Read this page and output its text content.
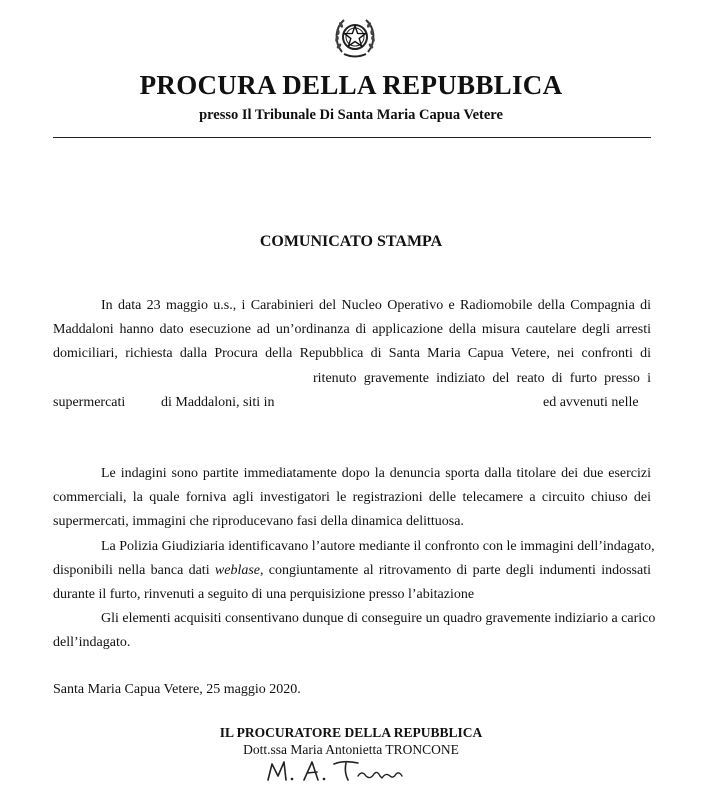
PROCURA DELLA REPUBBLICA
presso Il Tribunale Di Santa Maria Capua Vetere
COMUNICATO STAMPA
In data 23 maggio u.s., i Carabinieri del Nucleo Operativo e Radiomobile della Compagnia di
Maddaloni hanno dato esecuzione ad un’ordinanza di applicazione della misura cautelare degli arresti
domiciliari, richiesta dalla Procura della Repubblica di Santa Maria Capua Vetere, nei confronti di
ritenuto gravemente indiziato del reato di furto presso i
supermercati	di Maddaloni, siti in	ed avvenuti nelle
Le indagini sono partite immediatamente dopo la denuncia sporta dalla titolare dei due esercizi
commerciali, la quale forniva agli investigatori le registrazioni delle telecamere a circuito chiuso dei
supermercati, immagini che riproducevano fasi della dinamica delittuosa.
La Polizia Giudiziaria identificavano l’autore mediante il confronto con le immagini dell’indagato,
disponibili nella banca dati weblase, congiuntamente al ritrovamento di parte degli indumenti indossati
durante il furto, rinvenuti a seguito di una perquisizione presso l’abitazione
Gli elementi acquisiti consentivano dunque di conseguire un quadro gravemente indiziario a carico
dell’indagato.
Santa Maria Capua Vetere, 25 maggio 2020.
IL PROCURATORE DELLA REPUBBLICA
Dott.ssa Maria Antonietta TRONCONE
